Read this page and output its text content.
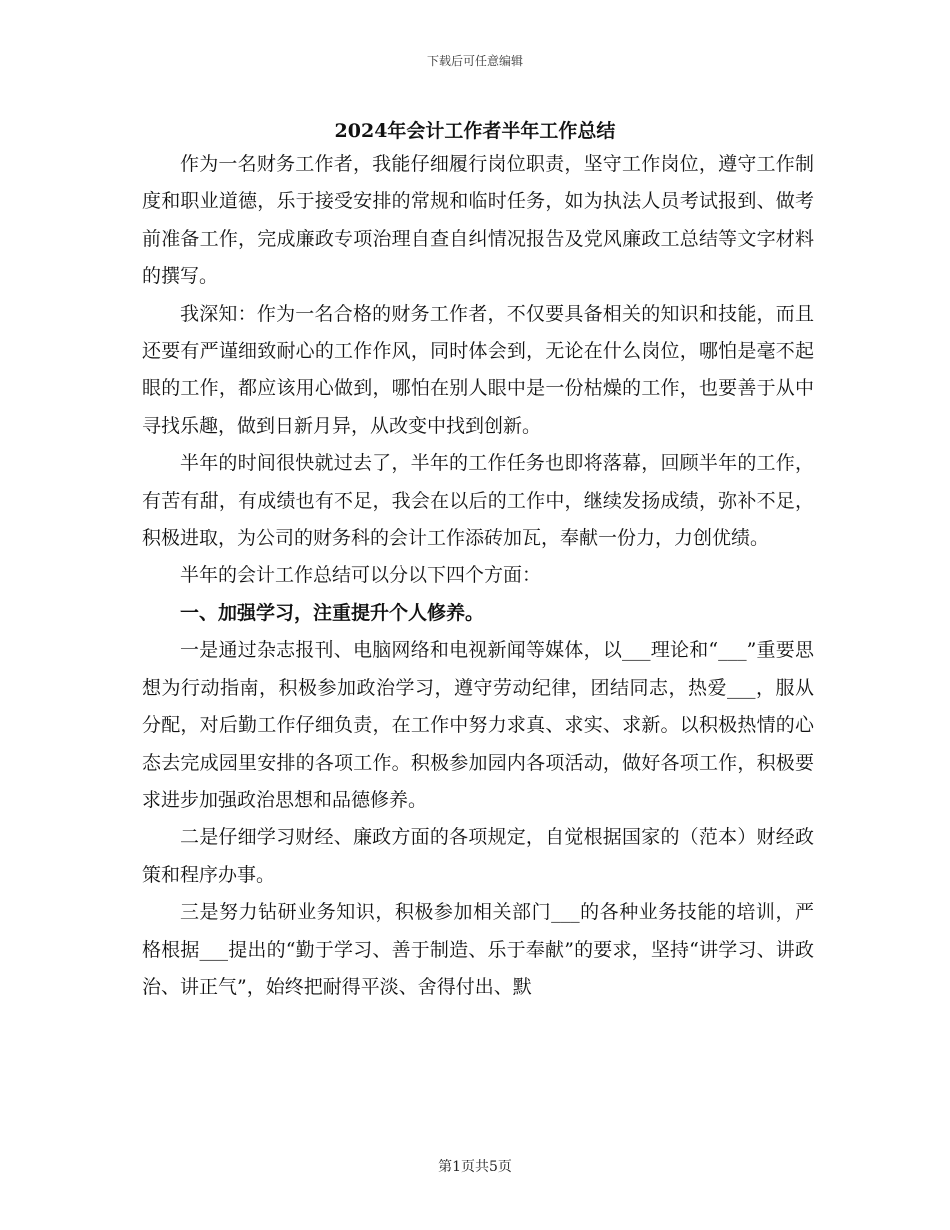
下载后可任意编辑
2024年会计工作者半年工作总结

作为一名财务工作者，我能仔细履行岗位职责，坚守工作岗位，遵守工作制度和职业道德，乐于接受安排的常规和临时任务，如为执法人员考试报到、做考前准备工作，完成廉政专项治理自查自纠情况报告及党风廉政工总结等文字材料的撰写。

我深知：作为一名合格的财务工作者，不仅要具备相关的知识和技能，而且还要有严谨细致耐心的工作作风，同时体会到，无论在什么岗位，哪怕是毫不起眼的工作，都应该用心做到，哪怕在别人眼中是一份枯燥的工作，也要善于从中寻找乐趣，做到日新月异，从改变中找到创新。

半年的时间很快就过去了，半年的工作任务也即将落幕，回顾半年的工作，有苦有甜，有成绩也有不足，我会在以后的工作中，继续发扬成绩，弥补不足，积极进取，为公司的财务科的会计工作添砖加瓦，奉献一份力，力创优绩。

半年的会计工作总结可以分以下四个方面：

一、加强学习，注重提升个人修养。

一是通过杂志报刊、电脑网络和电视新闻等媒体，以___理论和“___”重要思想为行动指南，积极参加政治学习，遵守劳动纪律，团结同志，热爱___，服从分配，对后勤工作仔细负责，在工作中努力求真、求实、求新。以积极热情的心态去完成园里安排的各项工作。积极参加园内各项活动，做好各项工作，积极要求进步加强政治思想和品德修养。

二是仔细学习财经、廉政方面的各项规定，自觉根据国家的（范本）财经政策和程序办事。

三是努力钻研业务知识，积极参加相关部门___的各种业务技能的培训，严格根据___提出的“勤于学习、善于制造、乐于奉献”的要求，坚持“讲学习、讲政治、讲正气”，始终把耐得平淡、舍得付出、默

第1页共5页
